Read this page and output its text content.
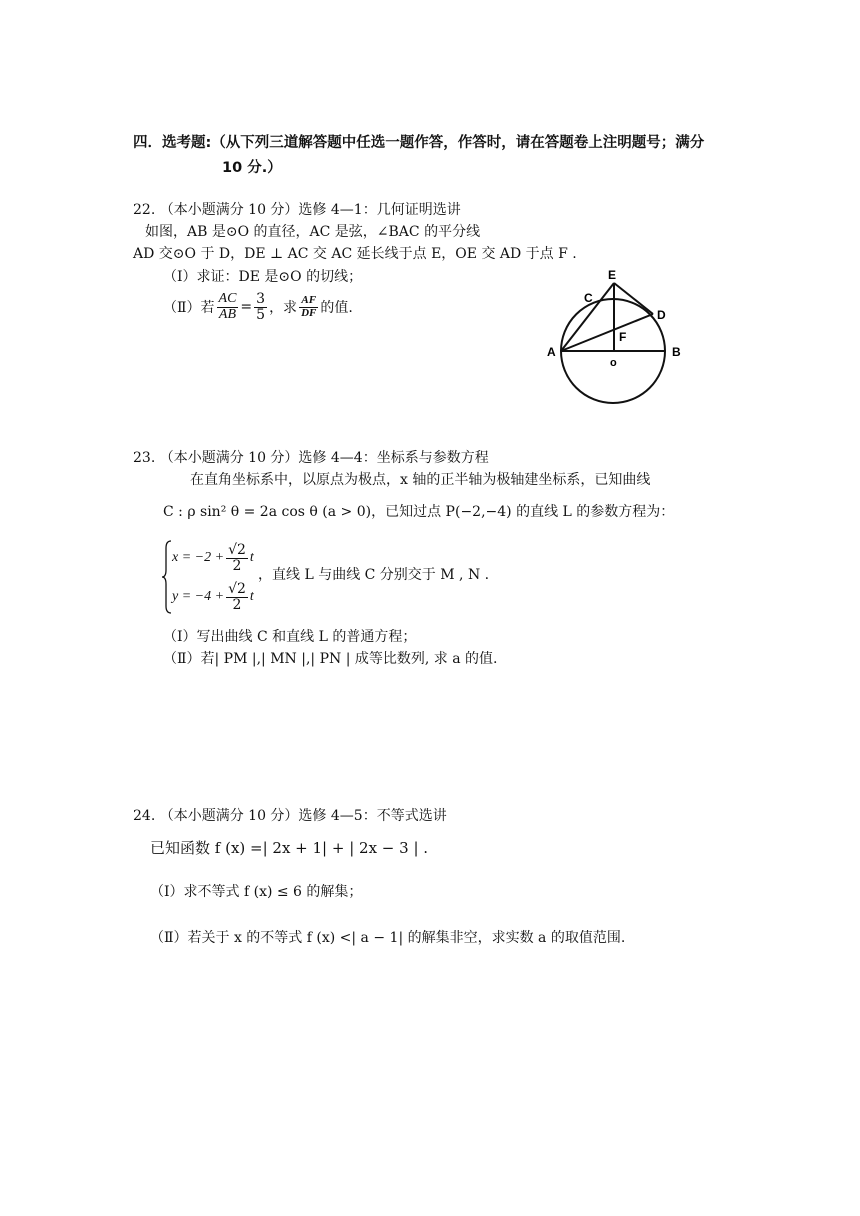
四．选考题:（从下列三道解答题中任选一题作答，作答时，请在答题卷上注明题号；满分
10 分.）
22. （本小题满分 10 分）选修 4—1：几何证明选讲
如图，AB 是⊙O 的直径，AC 是弦，∠BAC 的平分线
AD 交⊙O 于 D，DE ⊥ AC 交 AC 延长线于点 E，OE 交 AD 于点 F .
（Ⅰ）求证：DE 是⊙O 的切线；
（Ⅱ）若 $\frac{AC}{AB} = \frac{3}{5}$ ，求 $\frac{AF}{DF}$ 的值.
E
C
D
F
A	B
o
23. （本小题满分 10 分）选修 4—4：坐标系与参数方程
在直角坐标系中，以原点为极点，x 轴的正半轴为极轴建坐标系，已知曲线
C : ρ sin² θ = 2a cos θ (a > 0)，已知过点 P(−2,−4) 的直线 L 的参数方程为：
$x = -2 + \frac{√2}{2}$ t
，直线 L 与曲线 C 分别交于 M , N .
$y = -4 + \frac{√2}{2}$ t
（Ⅰ）写出曲线 C 和直线 L 的普通方程；
（Ⅱ）若| PM |,| MN |,| PN | 成等比数列, 求 a 的值.
24. （本小题满分 10 分）选修 4—5：不等式选讲
已知函数 f (x) =| 2x + 1| + | 2x − 3 | .
（Ⅰ）求不等式 f (x) ≤ 6 的解集；
（Ⅱ）若关于 x 的不等式 f (x) <| a − 1| 的解集非空，求实数 a 的取值范围.
